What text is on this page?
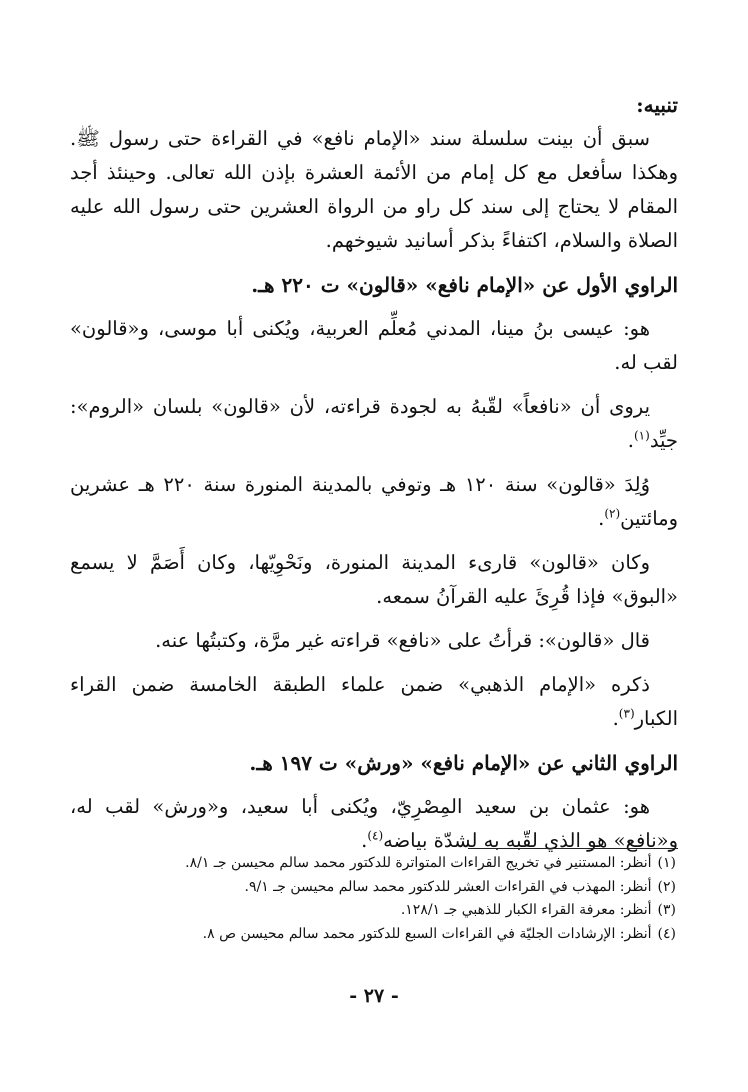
تنبيه:

سبق أن بينت سلسلة سند «الإمام نافع» في القراءة حتى رسول ﷺ. وهكذا سأفعل مع كل إمام من الأئمة العشرة بإذن الله تعالى. وحينئذ أجد المقام لا يحتاج إلى سند كل راو من الرواة العشرين حتى رسول الله عليه الصلاة والسلام، اكتفاءً بذكر أسانيد شيوخهم.

الراوي الأول عن «الإمام نافع» «قالون» ت ٢٢٠ هـ.

هو: عيسى بنُ مينا، المدني مُعلِّم العربية، ويُكنى أبا موسى، و«قالون» لقب له.

يروى أن «نافعاً» لقّبهُ به لجودة قراءته، لأن «قالون» بلسان «الروم»: جيِّد$^{(١)}$.

وُلِدَ «قالون» سنة ١٢٠ هـ وتوفي بالمدينة المنورة سنة ٢٢٠ هـ عشرين ومائتين$^{(٢)}$.

وكان «قالون» قارىء المدينة المنورة، ونَحْوِيّها، وكان أَصَمَّ لا يسمع «البوق» فإذا قُرِئَ عليه القرآنُ سمعه.

قال «قالون»: قرأتُ على «نافع» قراءته غير مرَّة، وكتبتُها عنه.

ذكره «الإمام الذهبي» ضمن علماء الطبقة الخامسة ضمن القراء الكبار$^{(٣)}$.

الراوي الثاني عن «الإمام نافع» «ورش» ت ١٩٧ هـ.

هو: عثمان بن سعيد المِصْرِيّ، ويُكنى أبا سعيد، و«ورش» لقب له، و«نافع» هو الذي لقّبه به لشدّة بياضه$^{(٤)}$.

(١)أنظر: المستنير في تخريج القراءات المتواترة للدكتور محمد سالم محيسن جـ ٨/١.

(٢)أنظر: المهذب في القراءات العشر للدكتور محمد سالم محيسن جـ ٩/١.

(٣)أنظر: معرفة القراء الكبار للذهبي جـ ١٢٨/١.

(٤)أنظر: الإرشادات الجليّة في القراءات السبع للدكتور محمد سالم محيسن ص ٨.

- ٢٧ -
